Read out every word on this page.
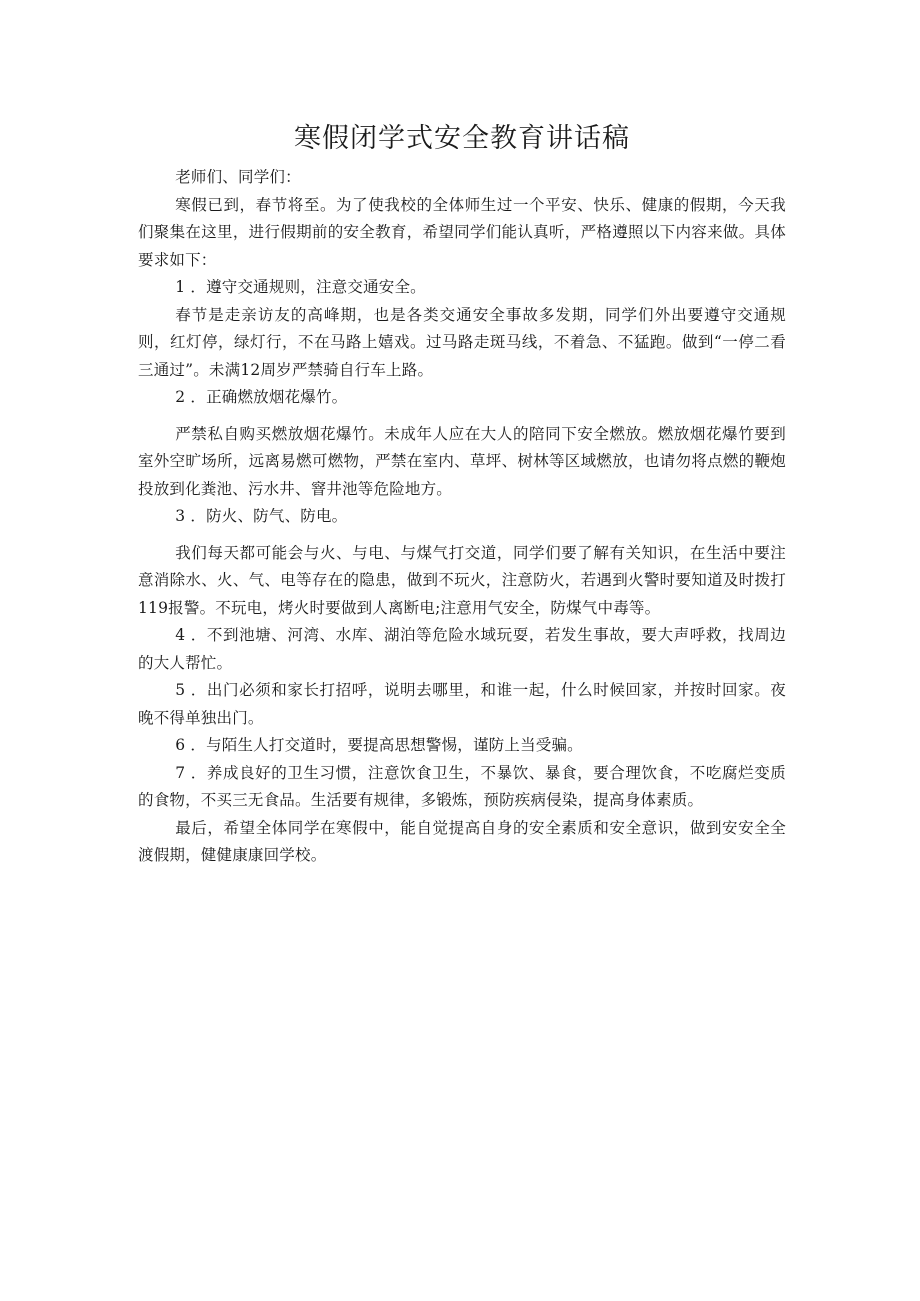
寒假闭学式安全教育讲话稿

老师们、同学们：

寒假已到，春节将至。为了使我校的全体师生过一个平安、快乐、健康的假期，今天我们聚集在这里，进行假期前的安全教育，希望同学们能认真听，严格遵照以下内容来做。具体要求如下：

1 ．遵守交通规则，注意交通安全。

春节是走亲访友的高峰期，也是各类交通安全事故多发期，同学们外出要遵守交通规则，红灯停，绿灯行，不在马路上嬉戏。过马路走斑马线，不着急、不猛跑。做到“一停二看三通过”。未满12周岁严禁骑自行车上路。

2 ．正确燃放烟花爆竹。

严禁私自购买燃放烟花爆竹。未成年人应在大人的陪同下安全燃放。燃放烟花爆竹要到室外空旷场所，远离易燃可燃物，严禁在室内、草坪、树林等区域燃放，也请勿将点燃的鞭炮投放到化粪池、污水井、窨井池等危险地方。

3 ．防火、防气、防电。

我们每天都可能会与火、与电、与煤气打交道，同学们要了解有关知识，在生活中要注意消除水、火、气、电等存在的隐患，做到不玩火，注意防火，若遇到火警时要知道及时拨打119报警。不玩电，烤火时要做到人离断电;注意用气安全，防煤气中毒等。

4 ．不到池塘、河湾、水库、湖泊等危险水域玩耍，若发生事故，要大声呼救，找周边的大人帮忙。

5 ．出门必须和家长打招呼，说明去哪里，和谁一起，什么时候回家，并按时回家。夜晚不得单独出门。

6 ．与陌生人打交道时，要提高思想警惕，谨防上当受骗。

7 ．养成良好的卫生习惯，注意饮食卫生，不暴饮、暴食，要合理饮食，不吃腐烂变质的食物，不买三无食品。生活要有规律，多锻炼，预防疾病侵染，提高身体素质。

最后，希望全体同学在寒假中，能自觉提高自身的安全素质和安全意识，做到安安全全渡假期，健健康康回学校。
